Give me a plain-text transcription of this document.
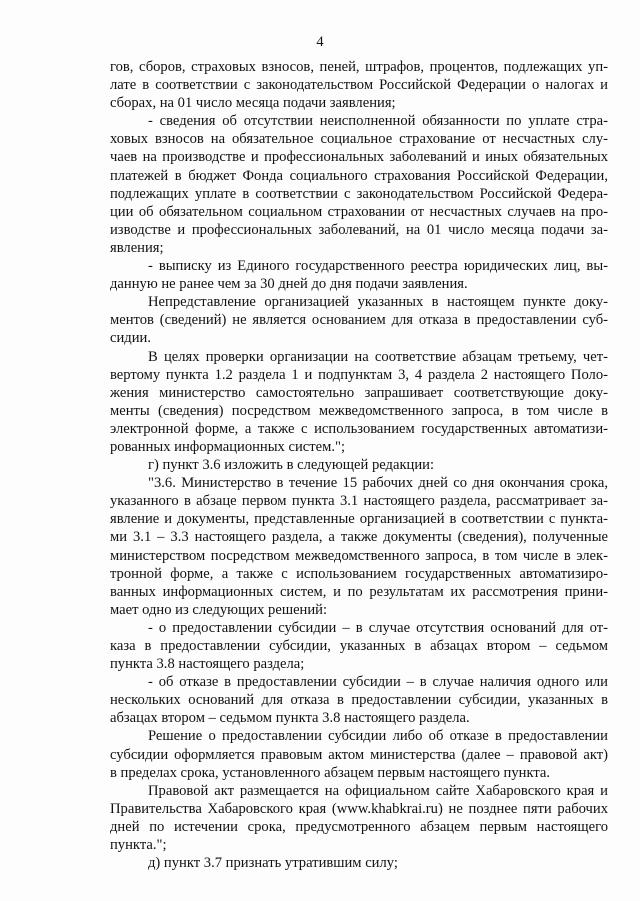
4
гов, сборов, страховых взносов, пеней, штрафов, процентов, подлежащих уп-
лате в соответствии с законодательством Российской Федерации о налогах и
сборах, на 01 число месяца подачи заявления;
- сведения об отсутствии неисполненной обязанности по уплате стра-
ховых взносов на обязательное социальное страхование от несчастных слу-
чаев на производстве и профессиональных заболеваний и иных обязательных
платежей в бюджет Фонда социального страхования Российской Федерации,
подлежащих уплате в соответствии с законодательством Российской Федера-
ции об обязательном социальном страховании от несчастных случаев на про-
изводстве и профессиональных заболеваний, на 01 число месяца подачи за-
явления;
- выписку из Единого государственного реестра юридических лиц, вы-
данную не ранее чем за 30 дней до дня подачи заявления.
Непредставление организацией указанных в настоящем пункте доку-
ментов (сведений) не является основанием для отказа в предоставлении суб-
сидии.
В целях проверки организации на соответствие абзацам третьему, чет-
вертому пункта 1.2 раздела 1 и подпунктам 3, 4 раздела 2 настоящего Поло-
жения министерство самостоятельно запрашивает соответствующие доку-
менты (сведения) посредством межведомственного запроса, в том числе в
электронной форме, а также с использованием государственных автоматизи-
рованных информационных систем.";
г) пункт 3.6 изложить в следующей редакции:
"3.6. Министерство в течение 15 рабочих дней со дня окончания срока,
указанного в абзаце первом пункта 3.1 настоящего раздела, рассматривает за-
явление и документы, представленные организацией в соответствии с пункта-
ми 3.1 – 3.3 настоящего раздела, а также документы (сведения), полученные
министерством посредством межведомственного запроса, в том числе в элек-
тронной форме, а также с использованием государственных автоматизиро-
ванных информационных систем, и по результатам их рассмотрения прини-
мает одно из следующих решений:
- о предоставлении субсидии – в случае отсутствия оснований для от-
каза в предоставлении субсидии, указанных в абзацах втором – седьмом
пункта 3.8 настоящего раздела;
- об отказе в предоставлении субсидии – в случае наличия одного или
нескольких оснований для отказа в предоставлении субсидии, указанных в
абзацах втором – седьмом пункта 3.8 настоящего раздела.
Решение о предоставлении субсидии либо об отказе в предоставлении
субсидии оформляется правовым актом министерства (далее – правовой акт)
в пределах срока, установленного абзацем первым настоящего пункта.
Правовой акт размещается на официальном сайте Хабаровского края и
Правительства Хабаровского края (www.khabkrai.ru) не позднее пяти рабочих
дней по истечении срока, предусмотренного абзацем первым настоящего
пункта.";
д) пункт 3.7 признать утратившим силу;
